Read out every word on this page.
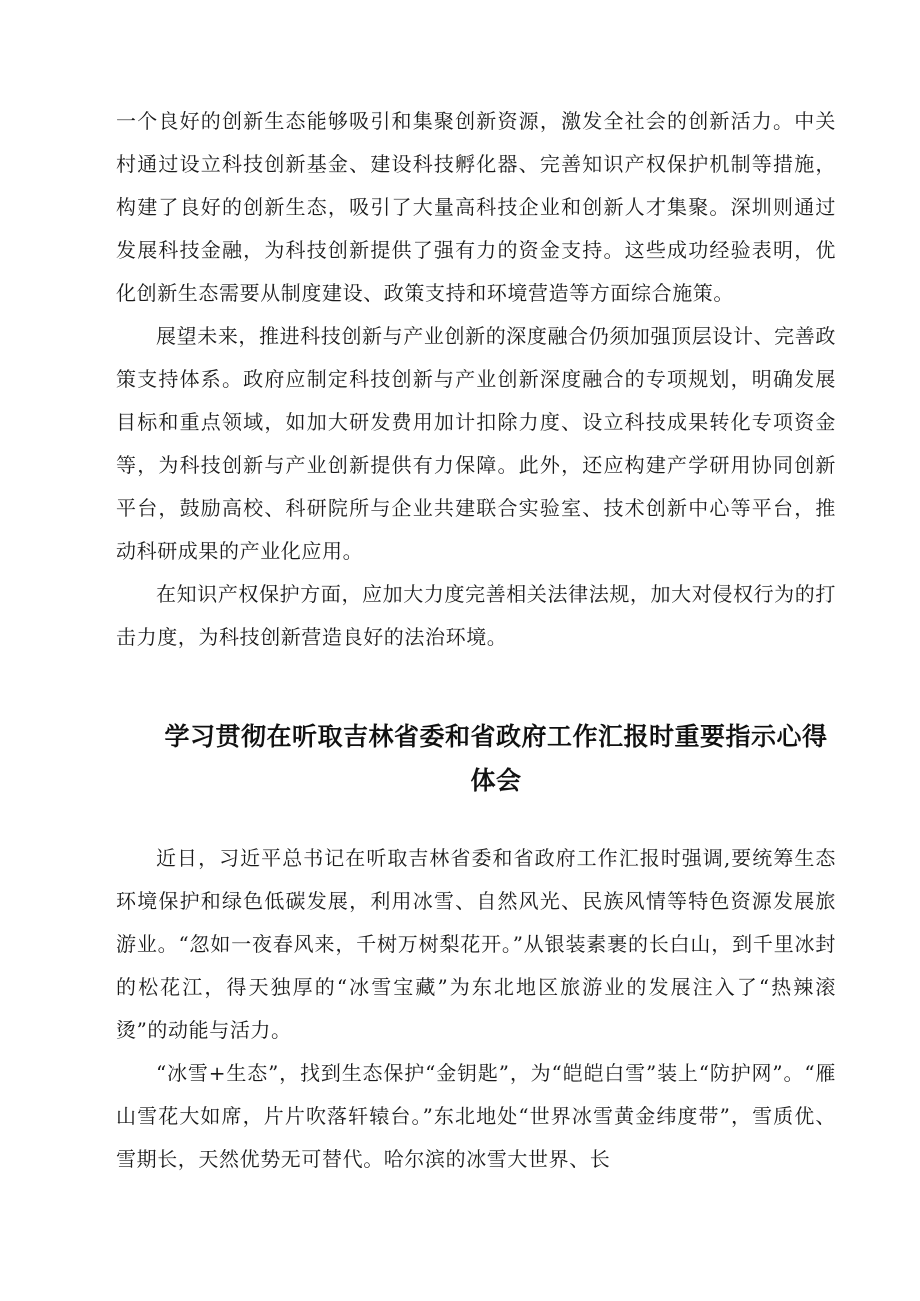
一个良好的创新生态能够吸引和集聚创新资源，激发全社会的创新活力。中关村通过设立科技创新基金、建设科技孵化器、完善知识产权保护机制等措施，构建了良好的创新生态，吸引了大量高科技企业和创新人才集聚。深圳则通过发展科技金融，为科技创新提供了强有力的资金支持。这些成功经验表明，优化创新生态需要从制度建设、政策支持和环境营造等方面综合施策。

展望未来，推进科技创新与产业创新的深度融合仍须加强顶层设计、完善政策支持体系。政府应制定科技创新与产业创新深度融合的专项规划，明确发展目标和重点领域，如加大研发费用加计扣除力度、设立科技成果转化专项资金等，为科技创新与产业创新提供有力保障。此外，还应构建产学研用协同创新平台，鼓励高校、科研院所与企业共建联合实验室、技术创新中心等平台，推动科研成果的产业化应用。

在知识产权保护方面，应加大力度完善相关法律法规，加大对侵权行为的打击力度，为科技创新营造良好的法治环境。

学习贯彻在听取吉林省委和省政府工作汇报时重要指示心得体会

近日，习近平总书记在听取吉林省委和省政府工作汇报时强调,要统筹生态环境保护和绿色低碳发展，利用冰雪、自然风光、民族风情等特色资源发展旅游业。“忽如一夜春风来，千树万树梨花开。”从银装素裹的长白山，到千里冰封的松花江，得天独厚的“冰雪宝藏”为东北地区旅游业的发展注入了“热辣滚烫”的动能与活力。

“冰雪+生态”，找到生态保护“金钥匙”，为“皑皑白雪”装上“防护网”。“雁山雪花大如席，片片吹落轩辕台。”东北地处“世界冰雪黄金纬度带”，雪质优、雪期长，天然优势无可替代。哈尔滨的冰雪大世界、长
